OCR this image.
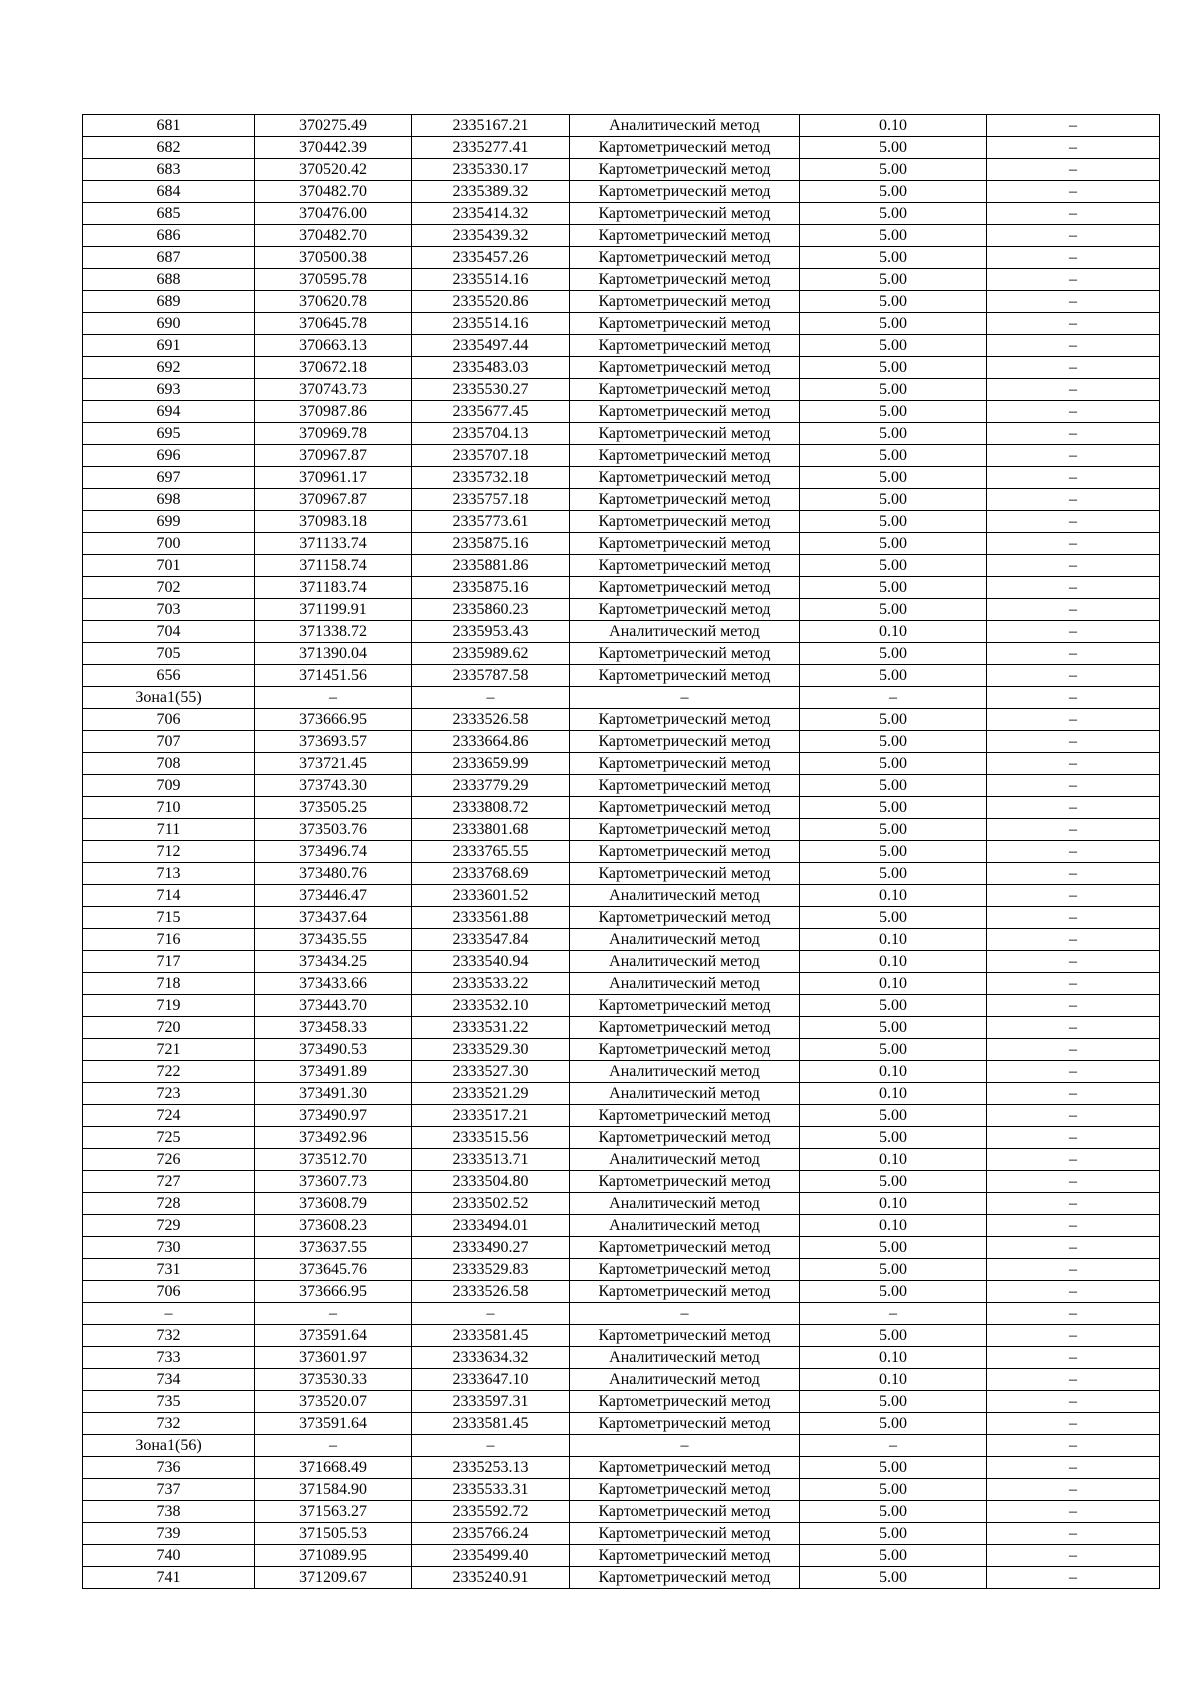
681	370275.49	2335167.21	Аналитический метод	0.10	–
682	370442.39	2335277.41	Картометрический метод	5.00	–
683	370520.42	2335330.17	Картометрический метод	5.00	–
684	370482.70	2335389.32	Картометрический метод	5.00	–
685	370476.00	2335414.32	Картометрический метод	5.00	–
686	370482.70	2335439.32	Картометрический метод	5.00	–
687	370500.38	2335457.26	Картометрический метод	5.00	–
688	370595.78	2335514.16	Картометрический метод	5.00	–
689	370620.78	2335520.86	Картометрический метод	5.00	–
690	370645.78	2335514.16	Картометрический метод	5.00	–
691	370663.13	2335497.44	Картометрический метод	5.00	–
692	370672.18	2335483.03	Картометрический метод	5.00	–
693	370743.73	2335530.27	Картометрический метод	5.00	–
694	370987.86	2335677.45	Картометрический метод	5.00	–
695	370969.78	2335704.13	Картометрический метод	5.00	–
696	370967.87	2335707.18	Картометрический метод	5.00	–
697	370961.17	2335732.18	Картометрический метод	5.00	–
698	370967.87	2335757.18	Картометрический метод	5.00	–
699	370983.18	2335773.61	Картометрический метод	5.00	–
700	371133.74	2335875.16	Картометрический метод	5.00	–
701	371158.74	2335881.86	Картометрический метод	5.00	–
702	371183.74	2335875.16	Картометрический метод	5.00	–
703	371199.91	2335860.23	Картометрический метод	5.00	–
704	371338.72	2335953.43	Аналитический метод	0.10	–
705	371390.04	2335989.62	Картометрический метод	5.00	–
656	371451.56	2335787.58	Картометрический метод	5.00	–
Зона1(55)	–	–	–	–	–
706	373666.95	2333526.58	Картометрический метод	5.00	–
707	373693.57	2333664.86	Картометрический метод	5.00	–
708	373721.45	2333659.99	Картометрический метод	5.00	–
709	373743.30	2333779.29	Картометрический метод	5.00	–
710	373505.25	2333808.72	Картометрический метод	5.00	–
711	373503.76	2333801.68	Картометрический метод	5.00	–
712	373496.74	2333765.55	Картометрический метод	5.00	–
713	373480.76	2333768.69	Картометрический метод	5.00	–
714	373446.47	2333601.52	Аналитический метод	0.10	–
715	373437.64	2333561.88	Картометрический метод	5.00	–
716	373435.55	2333547.84	Аналитический метод	0.10	–
717	373434.25	2333540.94	Аналитический метод	0.10	–
718	373433.66	2333533.22	Аналитический метод	0.10	–
719	373443.70	2333532.10	Картометрический метод	5.00	–
720	373458.33	2333531.22	Картометрический метод	5.00	–
721	373490.53	2333529.30	Картометрический метод	5.00	–
722	373491.89	2333527.30	Аналитический метод	0.10	–
723	373491.30	2333521.29	Аналитический метод	0.10	–
724	373490.97	2333517.21	Картометрический метод	5.00	–
725	373492.96	2333515.56	Картометрический метод	5.00	–
726	373512.70	2333513.71	Аналитический метод	0.10	–
727	373607.73	2333504.80	Картометрический метод	5.00	–
728	373608.79	2333502.52	Аналитический метод	0.10	–
729	373608.23	2333494.01	Аналитический метод	0.10	–
730	373637.55	2333490.27	Картометрический метод	5.00	–
731	373645.76	2333529.83	Картометрический метод	5.00	–
706	373666.95	2333526.58	Картометрический метод	5.00	–
–	–	–	–	–	–
732	373591.64	2333581.45	Картометрический метод	5.00	–
733	373601.97	2333634.32	Аналитический метод	0.10	–
734	373530.33	2333647.10	Аналитический метод	0.10	–
735	373520.07	2333597.31	Картометрический метод	5.00	–
732	373591.64	2333581.45	Картометрический метод	5.00	–
Зона1(56)	–	–	–	–	–
736	371668.49	2335253.13	Картометрический метод	5.00	–
737	371584.90	2335533.31	Картометрический метод	5.00	–
738	371563.27	2335592.72	Картометрический метод	5.00	–
739	371505.53	2335766.24	Картометрический метод	5.00	–
740	371089.95	2335499.40	Картометрический метод	5.00	–
741	371209.67	2335240.91	Картометрический метод	5.00	–
